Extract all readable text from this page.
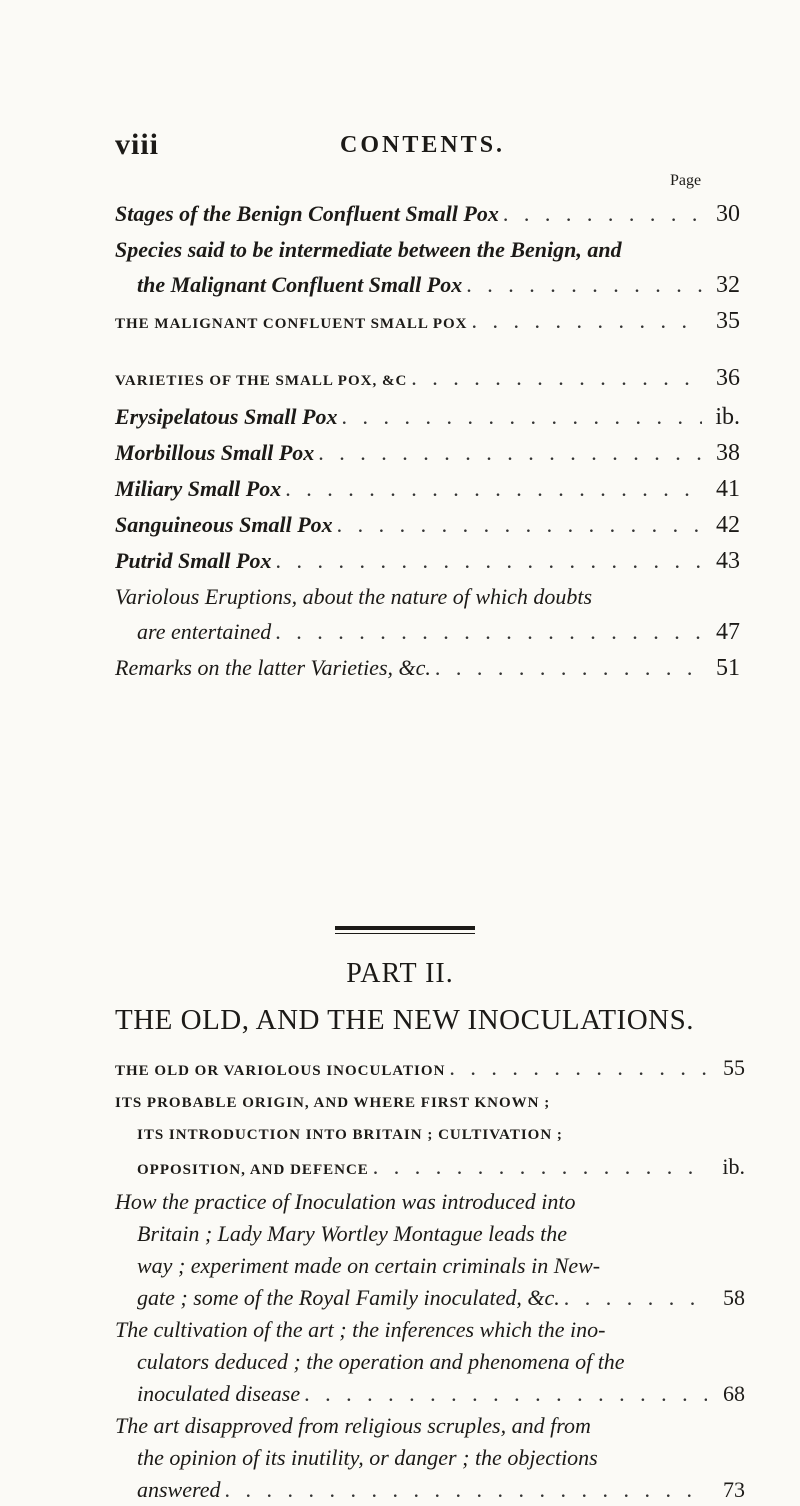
viii	CONTENTS.
Page
Stages of the Benign Confluent Small Pox . . .	30
Species said to be intermediate between the Benign, and
the Malignant Confluent Small Pox . . .	32
THE MALIGNANT CONFLUENT SMALL POX . . .	35
VARIETIES OF THE SMALL POX, &C . . .	36
Erysipelatous Small Pox . . .	ib.
Morbillous Small Pox . . .	38
Miliary Small Pox . . .	41
Sanguineous Small Pox . . .	42
Putrid Small Pox . . .	43
Variolous Eruptions, about the nature of which doubts
are entertained . . .	47
Remarks on the latter Varieties, &c. . . .	51
PART II.
THE OLD, AND THE NEW INOCULATIONS.
THE OLD OR VARIOLOUS INOCULATION . . .	55
ITS PROBABLE ORIGIN, AND WHERE FIRST KNOWN ;
ITS INTRODUCTION INTO BRITAIN ; CULTIVATION ;
OPPOSITION, AND DEFENCE . . .	ib.
How the practice of Inoculation was introduced into
Britain ; Lady Mary Wortley Montague leads the
way ; experiment made on certain criminals in New-
gate ; some of the Royal Family inoculated, &c. . . .	58
The cultivation of the art ; the inferences which the ino-
culators deduced ; the operation and phenomena of the
inoculated disease . . .	68
The art disapproved from religious scruples, and from
the opinion of its inutility, or danger ; the objections
answered . . .	73
